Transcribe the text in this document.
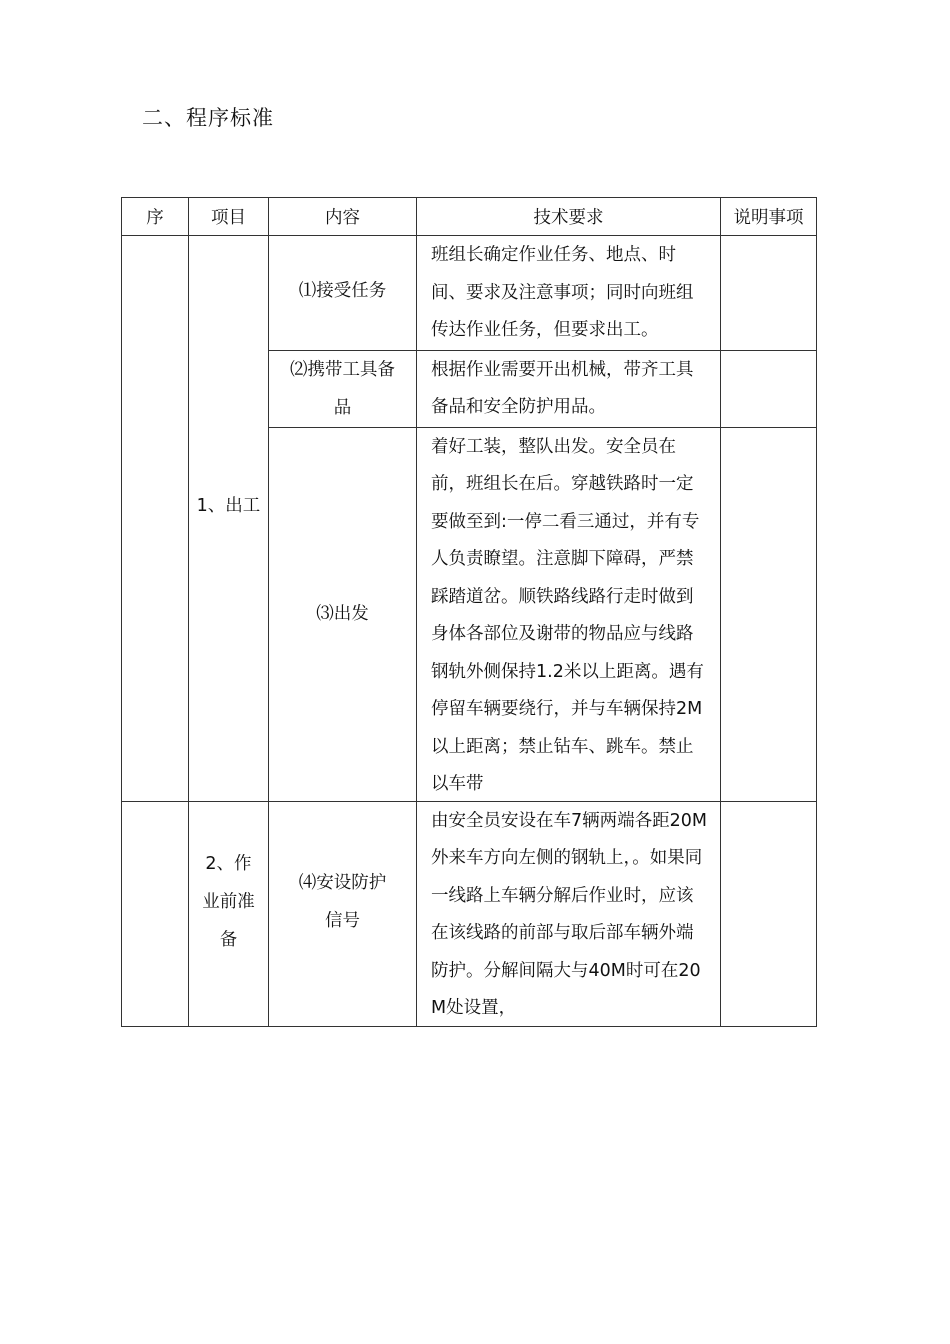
二、程序标准
序	项目	内容	技术要求	说明事项
	1、出工	⑴接受任务	班组长确定作业任务、地点、时间、要求及注意事项；同时向班组传达作业任务，但要求出工。	

		⑵携带工具备品	根据作业需要开出机械，带齐工具备品和安全防护用品。	

		⑶出发	着好工装，整队出发。安全员在前，班组长在后。穿越铁路时一定要做至到:一停二看三通过，并有专人负责瞭望。注意脚下障碍，严禁踩踏道岔。顺铁路线路行走时做到身体各部位及谢带的物品应与线路钢轨外侧保持1.2米以上距离。遇有停留车辆要绕行，并与车辆保持2M以上距离；禁止钻车、跳车。禁止以车带	

	2、作业前准备	⑷安设防护信号	由安全员安设在车7辆两端各距20M外来车方向左侧的钢轨上，。如果同一线路上车辆分解后作业时，应该在该线路的前部与取后部车辆外端防护。分解间隔大与40M时可在20M处设置，	
